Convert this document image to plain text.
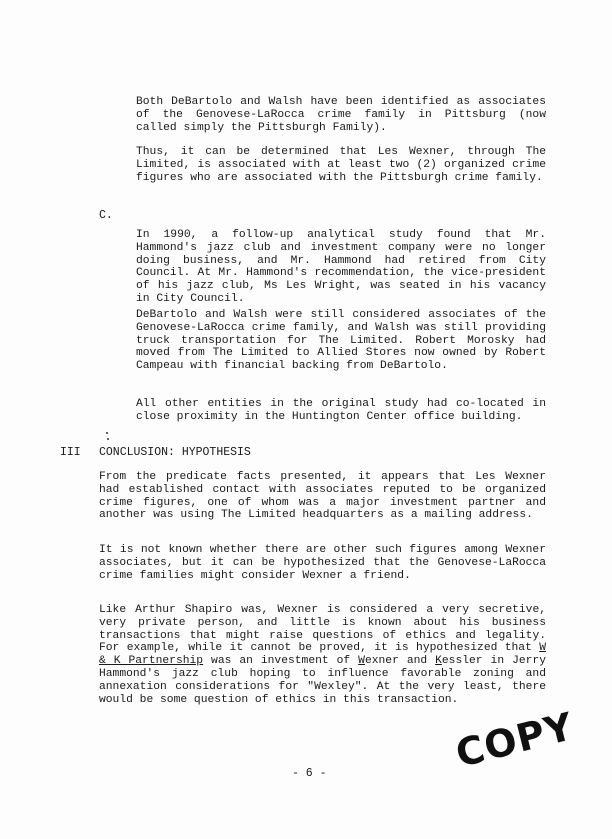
Both DeBartolo and Walsh have been identified as associates of the Genovese-LaRocca crime family in Pittsburg (now called simply the Pittsburgh Family).

Thus, it can be determined that Les Wexner, through The Limited, is associated with at least two (2) organized crime figures who are associated with the Pittsburgh crime family.

C.

In 1990, a follow-up analytical study found that Mr. Hammond's jazz club and investment company were no longer doing business, and Mr. Hammond had retired from City Council. At Mr. Hammond's recommendation, the vice-president of his jazz club, Ms Les Wright, was seated in his vacancy in City Council.

DeBartolo and Walsh were still considered associates of the Genovese-LaRocca crime family, and Walsh was still providing truck transportation for The Limited. Robert Morosky had moved from The Limited to Allied Stores now owned by Robert Campeau with financial backing from DeBartolo.

All other entities in the original study had co-located in close proximity in the Huntington Center office building.

III CONCLUSION: HYPOTHESIS

From the predicate facts presented, it appears that Les Wexner had established contact with associates reputed to be organized crime figures, one of whom was a major investment partner and another was using The Limited headquarters as a mailing address.

It is not known whether there are other such figures among Wexner associates, but it can be hypothesized that the Genovese-LaRocca crime families might consider Wexner a friend.

Like Arthur Shapiro was, Wexner is considered a very secretive, very private person, and little is known about his business transactions that might raise questions of ethics and legality. For example, while it cannot be proved, it is hypothesized that W & K Partnership was an investment of Wexner and Kessler in Jerry Hammond's jazz club hoping to influence favorable zoning and annexation considerations for "Wexley". At the very least, there would be some question of ethics in this transaction.

- 6 -	COPY
